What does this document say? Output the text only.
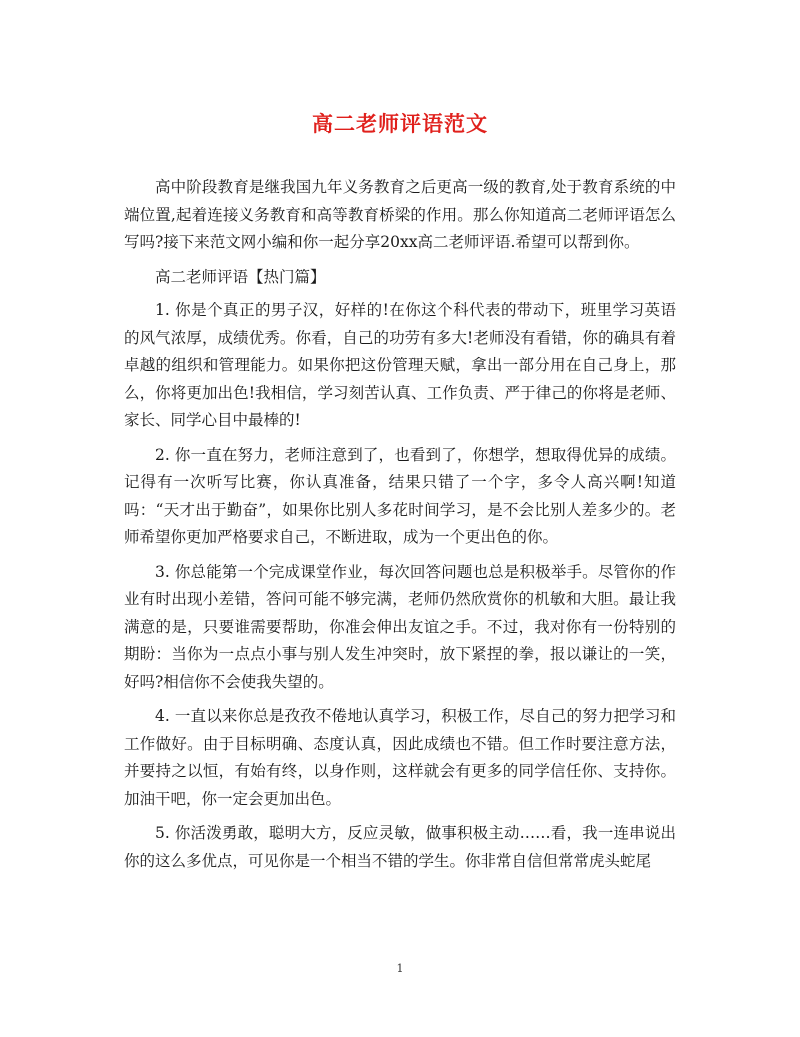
高二老师评语范文

高中阶段教育是继我国九年义务教育之后更高一级的教育,处于教育系统的中端位置,起着连接义务教育和高等教育桥梁的作用。那么你知道高二老师评语怎么写吗?接下来范文网小编和你一起分享20xx高二老师评语.希望可以帮到你。

高二老师评语【热门篇】

1. 你是个真正的男子汉，好样的!在你这个科代表的带动下，班里学习英语的风气浓厚，成绩优秀。你看，自己的功劳有多大!老师没有看错，你的确具有着卓越的组织和管理能力。如果你把这份管理天赋，拿出一部分用在自己身上，那么，你将更加出色!我相信，学习刻苦认真、工作负责、严于律己的你将是老师、家长、同学心目中最棒的!

2. 你一直在努力，老师注意到了，也看到了，你想学，想取得优异的成绩。记得有一次听写比赛，你认真准备，结果只错了一个字，多令人高兴啊!知道吗：“天才出于勤奋”，如果你比别人多花时间学习，是不会比别人差多少的。老师希望你更加严格要求自己，不断进取，成为一个更出色的你。

3. 你总能第一个完成课堂作业，每次回答问题也总是积极举手。尽管你的作业有时出现小差错，答问可能不够完满，老师仍然欣赏你的机敏和大胆。最让我满意的是，只要谁需要帮助，你准会伸出友谊之手。不过，我对你有一份特别的期盼：当你为一点点小事与别人发生冲突时，放下紧捏的拳，报以谦让的一笑，好吗?相信你不会使我失望的。

4. 一直以来你总是孜孜不倦地认真学习，积极工作，尽自己的努力把学习和工作做好。由于目标明确、态度认真，因此成绩也不错。但工作时要注意方法，并要持之以恒，有始有终，以身作则，这样就会有更多的同学信任你、支持你。加油干吧，你一定会更加出色。

5. 你活泼勇敢，聪明大方，反应灵敏，做事积极主动……看，我一连串说出你的这么多优点，可见你是一个相当不错的学生。你非常自信但常常虎头蛇尾

1
